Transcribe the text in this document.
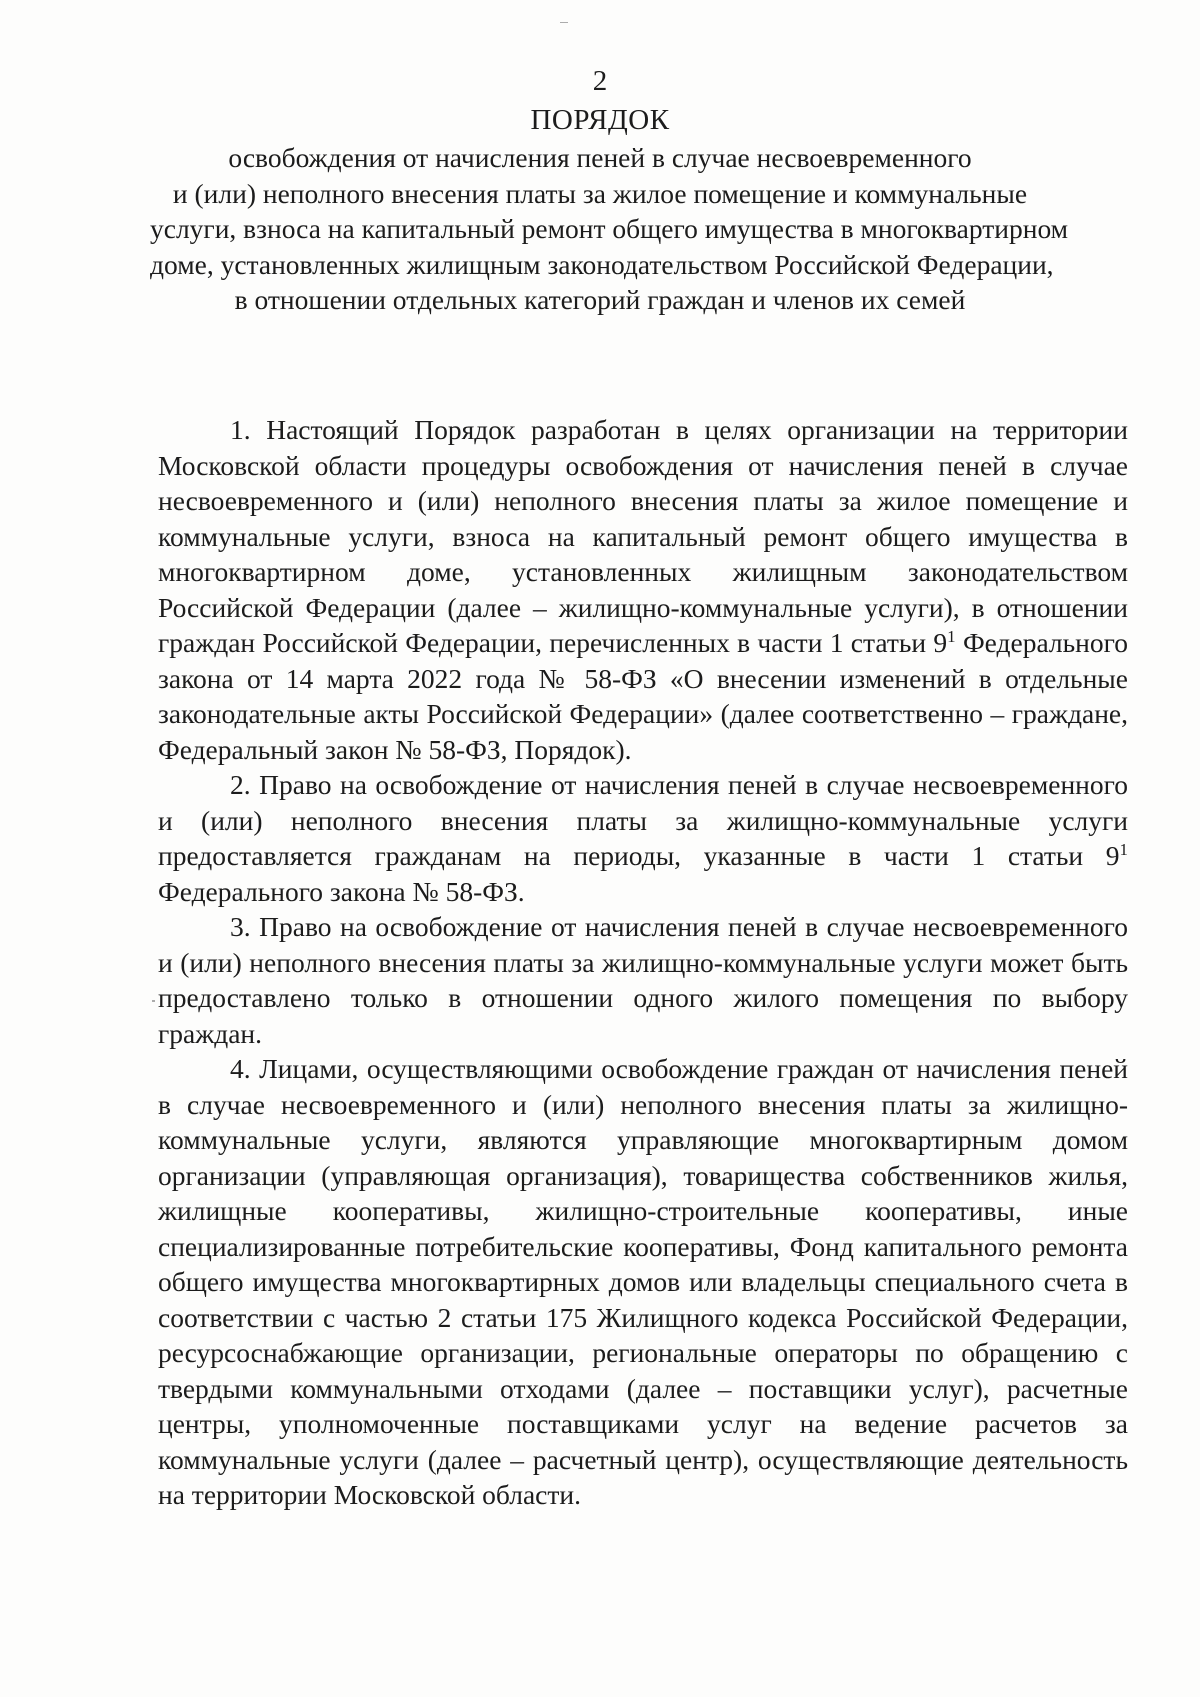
2
ПОРЯДОК

освобождения от начисления пеней в случае несвоевременного
и (или) неполного внесения платы за жилое помещение и коммунальные
услуги, взноса на капитальный ремонт общего имущества в многоквартирном
доме, установленных жилищным законодательством Российской Федерации,
в отношении отдельных категорий граждан и членов их семей

1. Настоящий Порядок разработан в целях организации на территории Московской области процедуры освобождения от начисления пеней в случае несвоевременного и (или) неполного внесения платы за жилое помещение и коммунальные услуги, взноса на капитальный ремонт общего имущества в многоквартирном доме, установленных жилищным законодательством Российской Федерации (далее – жилищно-коммунальные услуги), в отношении граждан Российской Федерации, перечисленных в части 1 статьи $9^1$ Федерального закона от 14 марта 2022 года № 58-ФЗ «О внесении изменений в отдельные законодательные акты Российской Федерации» (далее соответственно – граждане, Федеральный закон № 58-ФЗ, Порядок).

2. Право на освобождение от начисления пеней в случае несвоевременного и (или) неполного внесения платы за жилищно-коммунальные услуги предоставляется гражданам на периоды, указанные в части 1 статьи $9^1$ Федерального закона № 58-ФЗ.

3. Право на освобождение от начисления пеней в случае несвоевременного и (или) неполного внесения платы за жилищно-коммунальные услуги может быть предоставлено только в отношении одного жилого помещения по выбору граждан.

4. Лицами, осуществляющими освобождение граждан от начисления пеней в случае несвоевременного и (или) неполного внесения платы за жилищно-коммунальные услуги, являются управляющие многоквартирным домом организации (управляющая организация), товарищества собственников жилья, жилищные кооперативы, жилищно-строительные кооперативы, иные специализированные потребительские кооперативы, Фонд капитального ремонта общего имущества многоквартирных домов или владельцы специального счета в соответствии с частью 2 статьи 175 Жилищного кодекса Российской Федерации, ресурсоснабжающие организации, региональные операторы по обращению с твердыми коммунальными отходами (далее – поставщики услуг), расчетные центры, уполномоченные поставщиками услуг на ведение расчетов за коммунальные услуги (далее – расчетный центр), осуществляющие деятельность на территории Московской области.
